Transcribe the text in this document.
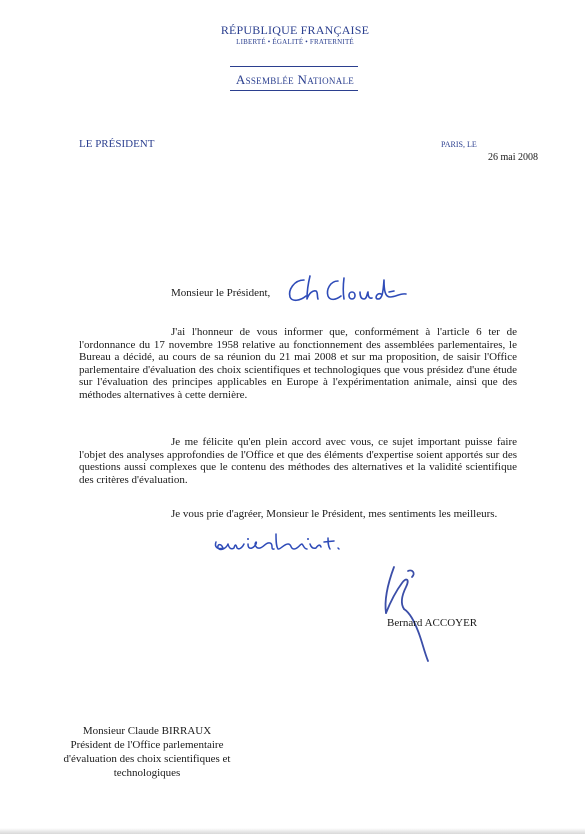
RÉPUBLIQUE FRANÇAISE
LIBERTÉ • ÉGALITÉ • FRATERNITÉ
Assemblée Nationale
LE PRÉSIDENT	PARIS, LE
26 mai 2008
Monsieur le Président,
J'ai l'honneur de vous informer que, conformément à l'article 6 ter de l'ordonnance du 17 novembre 1958 relative au fonctionnement des assemblées parlementaires, le Bureau a décidé, au cours de sa réunion du 21 mai 2008 et sur ma proposition, de saisir l'Office parlementaire d'évaluation des choix scientifiques et technologiques que vous présidez d'une étude sur l'évaluation des principes applicables en Europe à l'expérimentation animale, ainsi que des méthodes alternatives à cette dernière.
Je me félicite qu'en plein accord avec vous, ce sujet important puisse faire l'objet des analyses approfondies de l'Office et que des éléments d'expertise soient apportés sur des questions aussi complexes que le contenu des méthodes des alternatives et la validité scientifique des critères d'évaluation.
Je vous prie d'agréer, Monsieur le Président, mes sentiments les meilleurs.
Bernard ACCOYER
Monsieur Claude BIRRAUX
Président de l'Office parlementaire
d'évaluation des choix scientifiques et
technologiques
